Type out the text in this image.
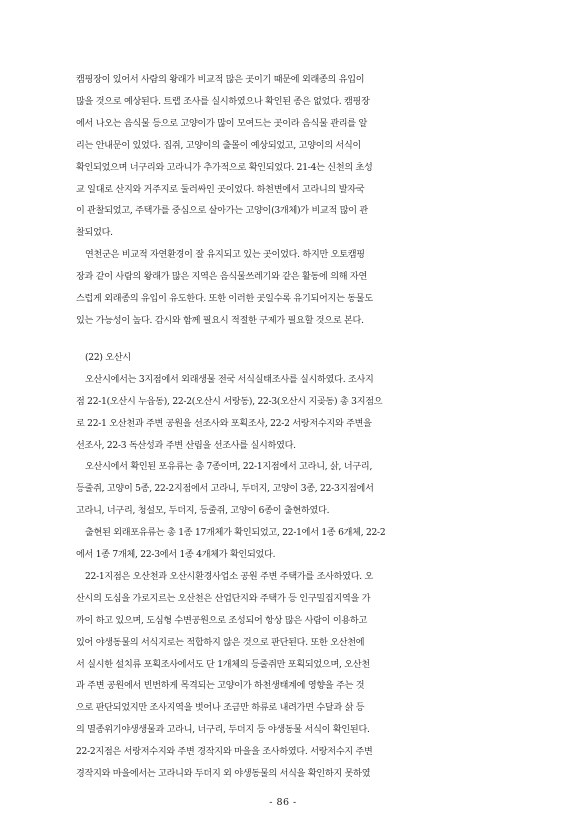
캠핑장이 있어서 사람의 왕래가 비교적 많은 곳이기 때문에 외래종의 유입이

많을 것으로 예상된다. 트랩 조사를 실시하였으나 확인된 종은 없었다. 캠핑장

에서 나오는 음식물 등으로 고양이가 많이 모여드는 곳이라 음식물 관리를 알

리는 안내문이 있었다. 집쥐, 고양이의 출몰이 예상되었고, 고양이의 서식이

확인되었으며 너구리와 고라니가 추가적으로 확인되었다. 21-4는 신천의 초성

교 일대로 산지와 거주지로 둘러싸인 곳이었다. 하천변에서 고라니의 발자국

이 관찰되었고, 주택가를 중심으로 살아가는 고양이(3개체)가 비교적 많이 관

찰되었다.

연천군은 비교적 자연환경이 잘 유지되고 있는 곳이었다. 하지만 오토캠핑

장과 같이 사람의 왕래가 많은 지역은 음식물쓰레기와 같은 활동에 의해 자연

스럽게 외래종의 유입이 유도한다. 또한 이러한 곳일수록 유기되어지는 동물도

있는 가능성이 높다. 감시와 함께 필요시 적절한 구제가 필요할 것으로 본다.

(22) 오산시

오산시에서는 3지점에서 외래생물 전국 서식실태조사를 실시하였다. 조사지

점 22-1(오산시 누읍동), 22-2(오산시 서랑동), 22-3(오산시 지곶동) 총 3지점으

로 22-1 오산천과 주변 공원을 선조사와 포획조사, 22-2 서랑저수지와 주변을

선조사, 22-3 독산성과 주변 산림을 선조사를 실시하였다.

오산시에서 확인된 포유류는 총 7종이며, 22-1지점에서 고라니, 삵, 너구리,

등줄쥐, 고양이 5종, 22-2지점에서 고라니, 두더지, 고양이 3종, 22-3지점에서

고라니, 너구리, 청설모, 두더지, 등줄쥐, 고양이 6종이 출현하였다.

출현된 외래포유류는 총 1종 17개체가 확인되었고, 22-1에서 1종 6개체, 22-2

에서 1종 7개체, 22-3에서 1종 4개체가 확인되었다.

22-1지점은 오산천과 오산시환경사업소 공원 주변 주택가를 조사하였다. 오

산시의 도심을 가로지르는 오산천은 산업단지와 주택가 등 인구밀집지역을 가

까이 하고 있으며, 도심형 수변공원으로 조성되어 항상 많은 사람이 이용하고

있어 야생동물의 서식지로는 적합하지 않은 것으로 판단된다. 또한 오산천에

서 실시한 설치류 포획조사에서도 단 1개체의 등줄쥐만 포획되었으며, 오산천

과 주변 공원에서 빈번하게 목격되는 고양이가 하천생태계에 영향을 주는 것

으로 판단되었지만 조사지역을 벗어나 조금만 하류로 내려가면 수달과 삵 등

의 멸종위기야생생물과 고라니, 너구리, 두더지 등 야생동물 서식이 확인된다.

22-2지점은 서랑저수지와 주변 경작지와 마을을 조사하였다. 서랑저수지 주변

경작지와 마을에서는 고라니와 두더지 외 야생동물의 서식을 확인하지 못하였

- 86 -
